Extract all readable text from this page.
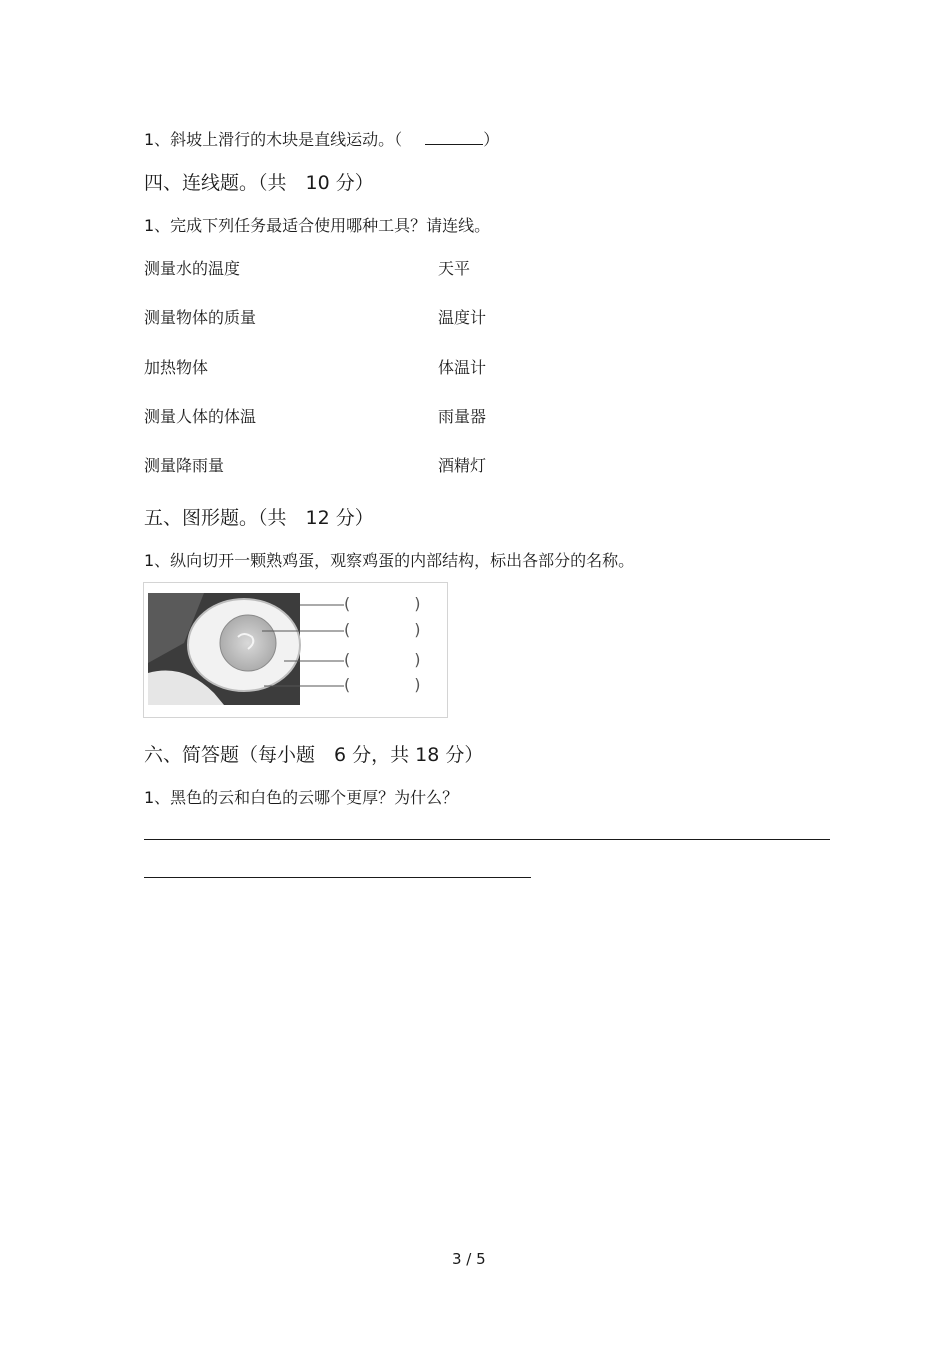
1、斜坡上滑行的木块是直线运动。（	）
四、连线题。（共　10 分）
1、完成下列任务最适合使用哪种工具？请连线。
测量水的温度
测量物体的质量
加热物体
测量人体的体温
测量降雨量
天平
温度计
体温计
雨量器
酒精灯
五、图形题。（共　12 分）
1、纵向切开一颗熟鸡蛋，观察鸡蛋的内部结构，标出各部分的名称。
(　　　　)
(　　　　)
(　　　　)
(　　　　)
六、简答题（每小题　6 分，共 18 分）
1、黑色的云和白色的云哪个更厚？为什么？
3 / 5
